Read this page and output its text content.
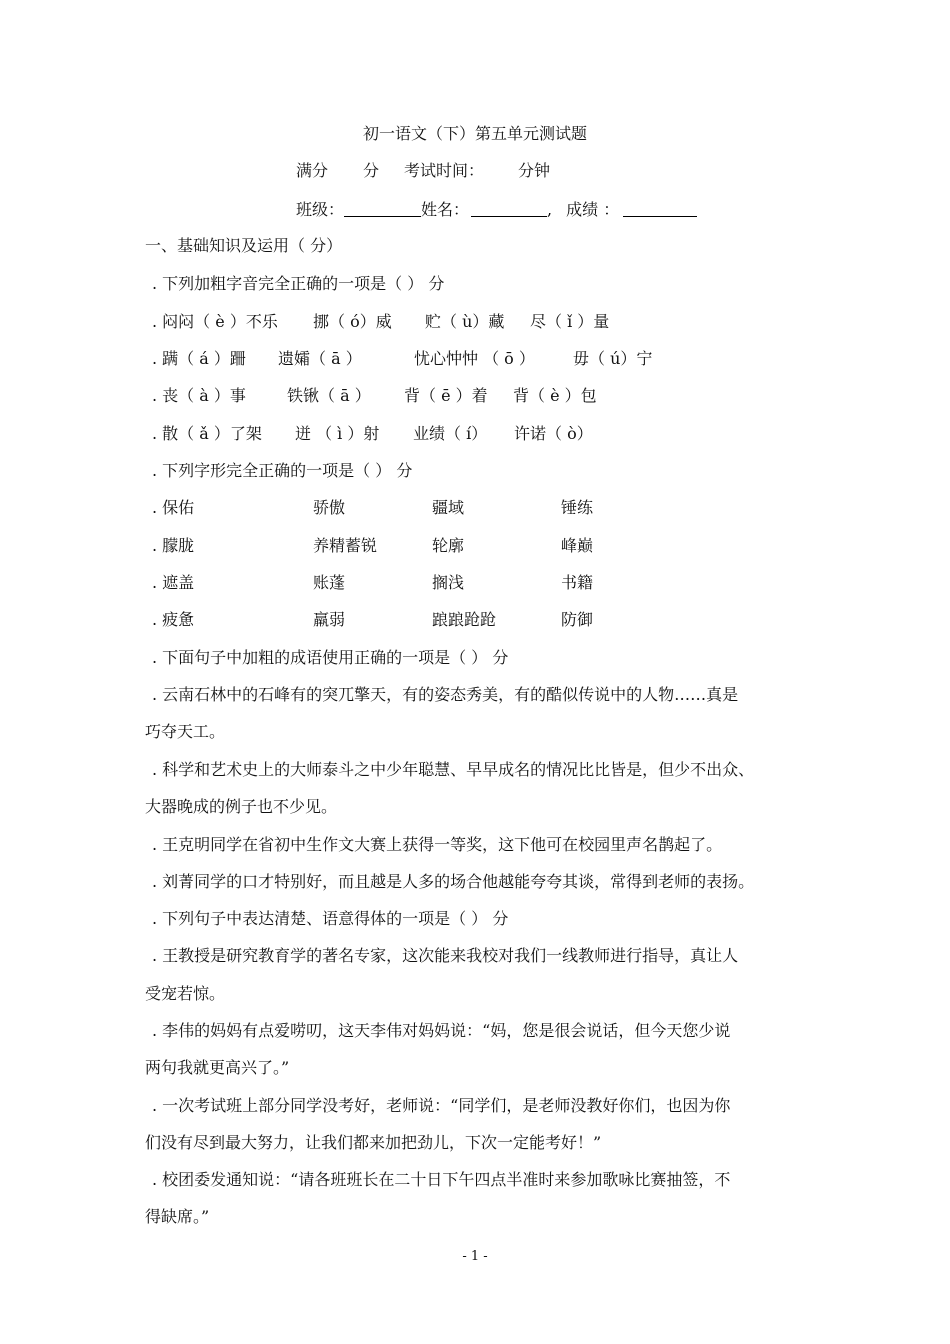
初一语文（下）第五单元测试题
满分 分 考试时间： 分钟
班级：	姓名：	, 成绩 ：
一、基础知识及运用（ 分）
. 下列加粗字音完全正确的一项是（ ） 分
. 闷闷（ è ）不乐 挪（ ó）威 贮（ ù）藏 尽（ ǐ ）量
. 蹒（ á ）跚 遗孀（ ā ）	忧心忡忡 （ ō ） 毋（ ú）宁
. 丧（ à ）事	铁锹（ ā ） 背（ ē ）着 背（ è ）包
. 散（ ǎ ）了架 迸 （ ì ）射 业绩（ í） 许诺（ ò）
. 下列字形完全正确的一项是（ ） 分
. 保佑	骄傲	疆域	锤练
. 朦胧	养精蓄锐	轮廓	峰巅
. 遮盖	账蓬	搁浅	书籍
. 疲惫	羸弱	踉踉跄跄	防御
. 下面句子中加粗的成语使用正确的一项是（ ） 分
. 云南石林中的石峰有的突兀擎天，有的姿态秀美，有的酷似传说中的人物……真是
巧夺天工。
. 科学和艺术史上的大师泰斗之中少年聪慧、早早成名的情况比比皆是，但少不出众、
大器晚成的例子也不少见。
. 王克明同学在省初中生作文大赛上获得一等奖，这下他可在校园里声名鹊起了。
. 刘菁同学的口才特别好，而且越是人多的场合他越能夸夸其谈，常得到老师的表扬。
. 下列句子中表达清楚、语意得体的一项是（ ） 分
. 王教授是研究教育学的著名专家，这次能来我校对我们一线教师进行指导，真让人
受宠若惊。
. 李伟的妈妈有点爱唠叨，这天李伟对妈妈说：“妈，您是很会说话，但今天您少说
两句我就更高兴了。”
. 一次考试班上部分同学没考好，老师说：“同学们，是老师没教好你们，也因为你
们没有尽到最大努力，让我们都来加把劲儿，下次一定能考好！”
. 校团委发通知说：“请各班班长在二十日下午四点半准时来参加歌咏比赛抽签，不
得缺席。”
- 1 -
